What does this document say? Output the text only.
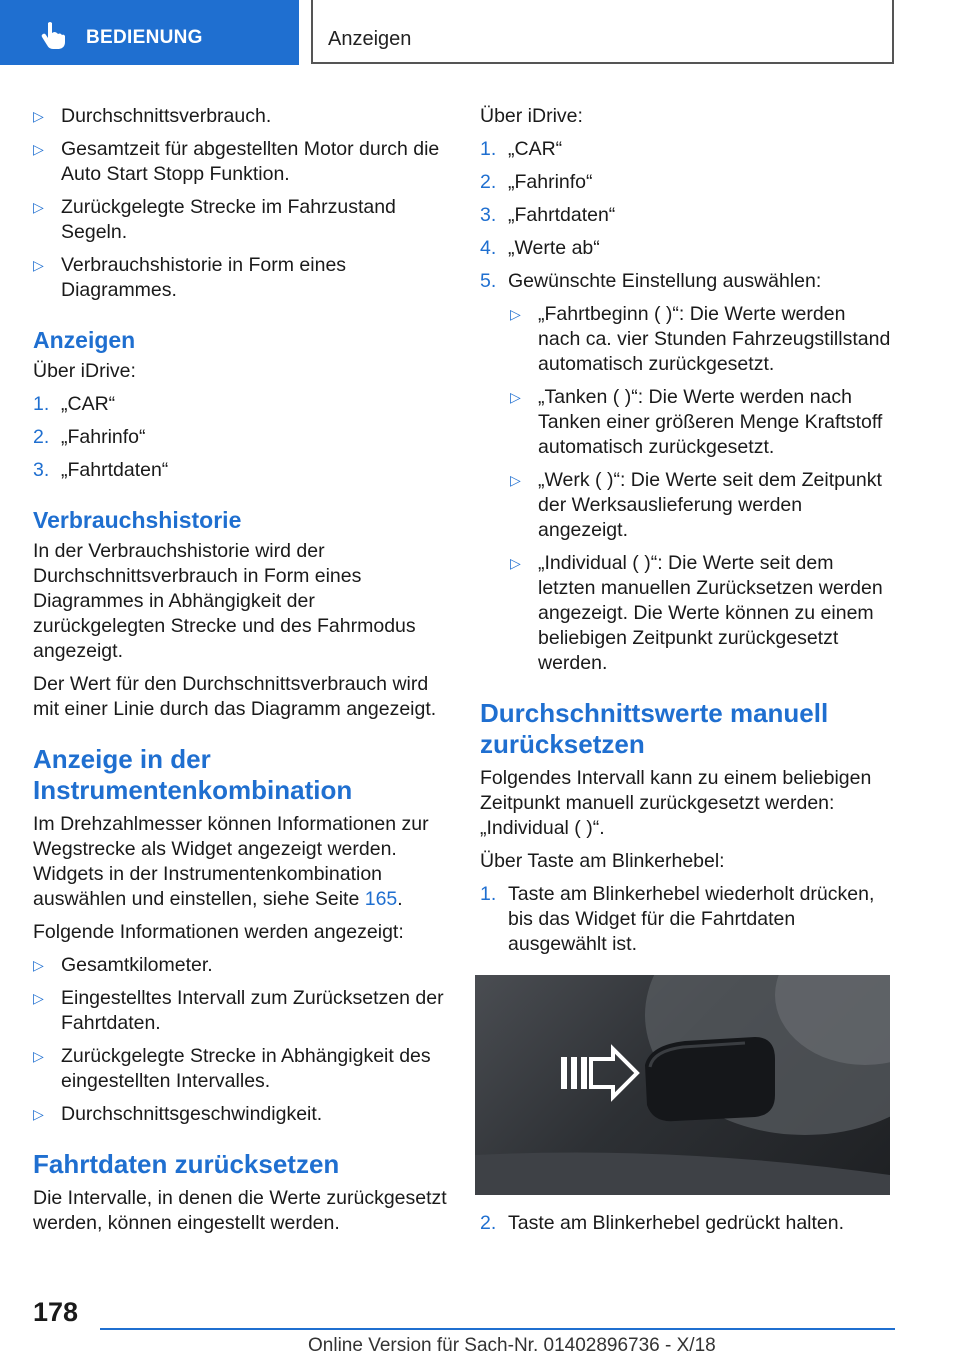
BEDIENUNG	Anzeigen
▷ Durchschnittsverbrauch.
▷ Gesamtzeit für abgestellten Motor durch die Auto Start Stopp Funktion.
▷ Zurückgelegte Strecke im Fahrzustand Segeln.
▷ Verbrauchshistorie in Form eines Diagrammes.
Anzeigen

Über iDrive:

1. „CAR“
2. „Fahrinfo“
3. „Fahrtdaten“
Verbrauchshistorie

In der Verbrauchshistorie wird der Durchschnittsverbrauch in Form eines Diagrammes in Abhängigkeit der zurückgelegten Strecke und des Fahrmodus angezeigt.

Der Wert für den Durchschnittsverbrauch wird mit einer Linie durch das Diagramm angezeigt.

Anzeige in der Instrumentenkombination

Im Drehzahlmesser können Informationen zur Wegstrecke als Widget angezeigt werden. Widgets in der Instrumentenkombination auswählen und einstellen, siehe Seite 165.

Folgende Informationen werden angezeigt:

▷ Gesamtkilometer.
▷ Eingestelltes Intervall zum Zurücksetzen der Fahrtdaten.
▷ Zurückgelegte Strecke in Abhängigkeit des eingestellten Intervalles.
▷ Durchschnittsgeschwindigkeit.
Fahrtdaten zurücksetzen

Die Intervalle, in denen die Werte zurückgesetzt werden, können eingestellt werden.

Über iDrive:

1. „CAR“
2. „Fahrinfo“
3. „Fahrtdaten“
4. „Werte ab“
5. Gewünschte Einstellung auswählen:
▷ „Fahrtbeginn ( )“: Die Werte werden nach ca. vier Stunden Fahrzeugstillstand automatisch zurückgesetzt.
▷ „Tanken ( )“: Die Werte werden nach Tanken einer größeren Menge Kraftstoff automatisch zurückgesetzt.
▷ „Werk ( )“: Die Werte seit dem Zeitpunkt der Werksauslieferung werden angezeigt.
▷ „Individual ( )“: Die Werte seit dem letzten manuellen Zurücksetzen werden angezeigt. Die Werte können zu einem beliebigen Zeitpunkt zurückgesetzt werden.
Durchschnittswerte manuell zurücksetzen

Folgendes Intervall kann zu einem beliebigen Zeitpunkt manuell zurückgesetzt werden: „Individual ( )“.

Über Taste am Blinkerhebel:

1. Taste am Blinkerhebel wiederholt drücken, bis das Widget für die Fahrtdaten ausgewählt ist.
2. Taste am Blinkerhebel gedrückt halten.
178
Online Version für Sach-Nr. 01402896736 - X/18
